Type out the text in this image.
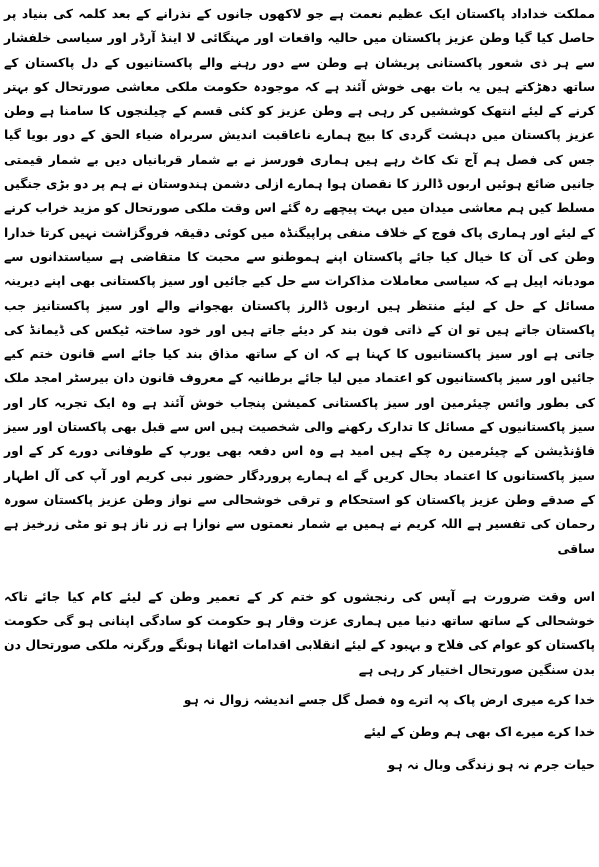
مملکت خداداد پاکستان ایک عظیم نعمت ہے جو لاکھوں جانوں کے نذرانے کے بعد کلمہ کی بنیاد پر حاصل کیا گیا وطن عزیز پاکستان میں حالیہ واقعات اور مہنگائی لا اینڈ آرڈر اور سیاسی خلفشار سے ہر ذی شعور پاکستانی پریشان ہے وطن سے دور رہنے والے پاکستانیوں کے دل پاکستان کے ساتھ دھڑکتے ہیں یہ بات بھی خوش آئند ہے کہ موجودہ حکومت ملکی معاشی صورتحال کو بہتر کرنے کے لیئے انتھک کوششیں کر رہی ہے وطن عزیز کو کئی قسم کے چیلنجوں کا سامنا ہے وطن عزیز پاکستان میں دہشت گردی کا بیج ہمارے ناعاقبت اندیش سربراہ ضیاء الحق کے دور بویا گیا جس کی فصل ہم آج تک کاٹ رہے ہیں ہماری فورسز نے بے شمار قربانیاں دیں بے شمار قیمتی جانیں ضائع ہوئیں اربوں ڈالرز کا نقصان ہوا ہمارے ازلی دشمن ہندوستان نے ہم پر دو بڑی جنگیں مسلط کیں ہم معاشی میدان میں بہت پیچھے رہ گئے اس وقت ملکی صورتحال کو مزید خراب کرنے کے لیئے اور ہماری پاک فوج کے خلاف منفی پراپیگنڈہ میں کوئی دقیقہ فروگزاشت نہیں کرتا خدارا وطن کی آن کا خیال کیا جائے پاکستان اپنے ہموطنو سے محبت کا متقاضی ہے سیاستدانوں سے مودبانہ اپیل ہے کہ سیاسی معاملات مذاکرات سے حل کیے جائیں اور سیز پاکستانی بھی اپنے دیرینہ مسائل کے حل کے لیئے منتظر ہیں اربوں ڈالرز پاکستان بھجوانے والے اور سیز پاکستانیز جب پاکستان جاتے ہیں تو ان کے ذاتی فون بند کر دیئے جاتے ہیں اور خود ساختہ ٹیکس کی ڈیمانڈ کی جاتی ہے اور سیز پاکستانیوں کا کہنا ہے کہ ان کے ساتھ مذاق بند کیا جائے اسے قانون ختم کیے جائیں اور سیز پاکستانیوں کو اعتماد میں لیا جائے برطانیہ کے معروف قانون دان بیرسٹر امجد ملک کی بطور وائس چیئرمین اور سیز پاکستانی کمیشن پنجاب خوش آئند ہے وہ ایک تجربہ کار اور سیز پاکستانیوں کے مسائل کا تدارک رکھنے والی شخصیت ہیں اس سے قبل بھی پاکستان اور سیز فاؤنڈیشن کے چیئرمین رہ چکے ہیں امید ہے وہ اس دفعہ بھی یورپ کے طوفانی دورے کر کے اور سیز پاکستانوں کا اعتماد بحال کریں گے اے ہمارے پروردگار حضور نبی کریم اور آپ کی آل اطہار کے صدقے وطن عزیز پاکستان کو استحکام و ترقی خوشحالی سے نواز وطن عزیز پاکستان سورہ رحمان کی تفسیر ہے اللہ کریم نے ہمیں بے شمار نعمتوں سے نوازا ہے زر ناز ہو تو مٹی زرخیز ہے ساقی

اس وقت ضرورت ہے آپس کی رنجشوں کو ختم کر کے تعمیر وطن کے لیئے کام کیا جائے تاکہ خوشحالی کے ساتھ ساتھ دنیا میں ہماری عزت وقار ہو حکومت کو سادگی اپنانی ہو گی حکومت پاکستان کو عوام کی فلاح و بہبود کے لیئے انقلابی اقدامات اٹھانا ہونگے ورگرنہ ملکی صورتحال دن بدن سنگین صورتحال اختیار کر رہی ہے

خدا کرے میری ارض پاک پہ اترے وہ فصل گل جسے اندیشہ زوال نہ ہو

خدا کرے میرے اک بھی ہم وطن کے لیئے

حیات جرم نہ ہو زندگی وبال نہ ہو
